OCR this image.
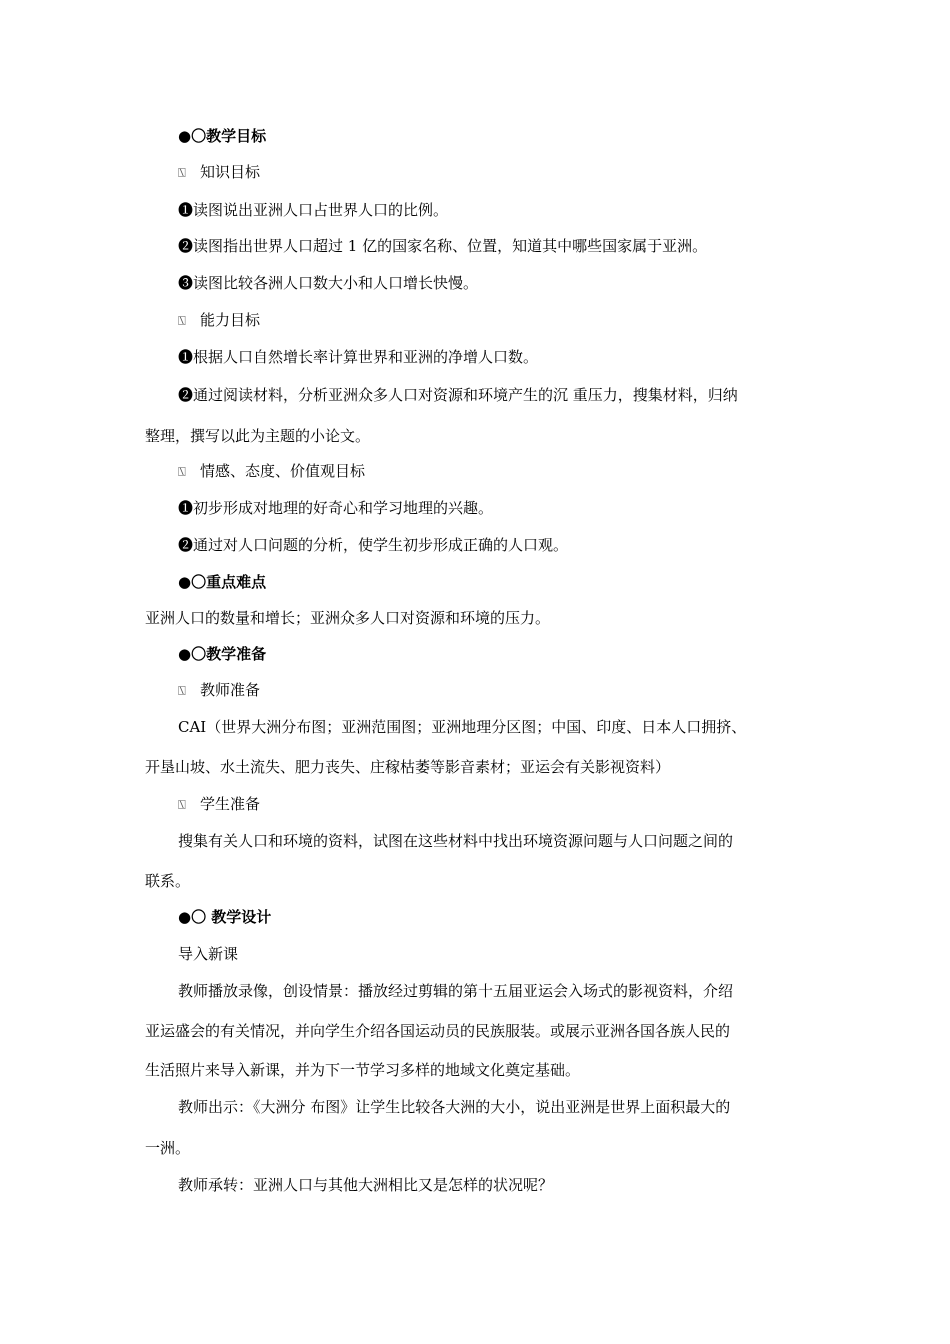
●〇教学目标
⍂ 知识目标
❶读图说出亚洲人口占世界人口的比例。
❷读图指出世界人口超过 1 亿的国家名称、位置，知道其中哪些国家属于亚洲。
❸读图比较各洲人口数大小和人口增长快慢。
⍂ 能力目标
❶根据人口自然增长率计算世界和亚洲的净增人口数。
❷通过阅读材料，分析亚洲众多人口对资源和环境产生的沉 重压力，搜集材料，归纳
整理，撰写以此为主题的小论文。
⍂ 情感、态度、价值观目标
❶初步形成对地理的好奇心和学习地理的兴趣。
❷通过对人口问题的分析，使学生初步形成正确的人口观。
●〇重点难点
亚洲人口的数量和增长；亚洲众多人口对资源和环境的压力。
●〇教学准备
⍂ 教师准备
CAI（世界大洲分布图；亚洲范围图；亚洲地理分区图；中国、印度、日本人口拥挤、
开垦山坡、水土流失、肥力丧失、庄稼枯萎等影音素材；亚运会有关影视资料）
⍂ 学生准备
搜集有关人口和环境的资料，试图在这些材料中找出环境资源问题与人口问题之间的
联系。
●〇 教学设计
导入新课
教师播放录像，创设情景：播放经过剪辑的第十五届亚运会入场式的影视资料，介绍
亚运盛会的有关情况，并向学生介绍各国运动员的民族服装。或展示亚洲各国各族人民的
生活照片来导入新课，并为下一节学习多样的地域文化奠定基础。
教师出示：《大洲分 布图》让学生比较各大洲的大小，说出亚洲是世界上面积最大的
一洲。
教师承转：亚洲人口与其他大洲相比又是怎样的状况呢？
